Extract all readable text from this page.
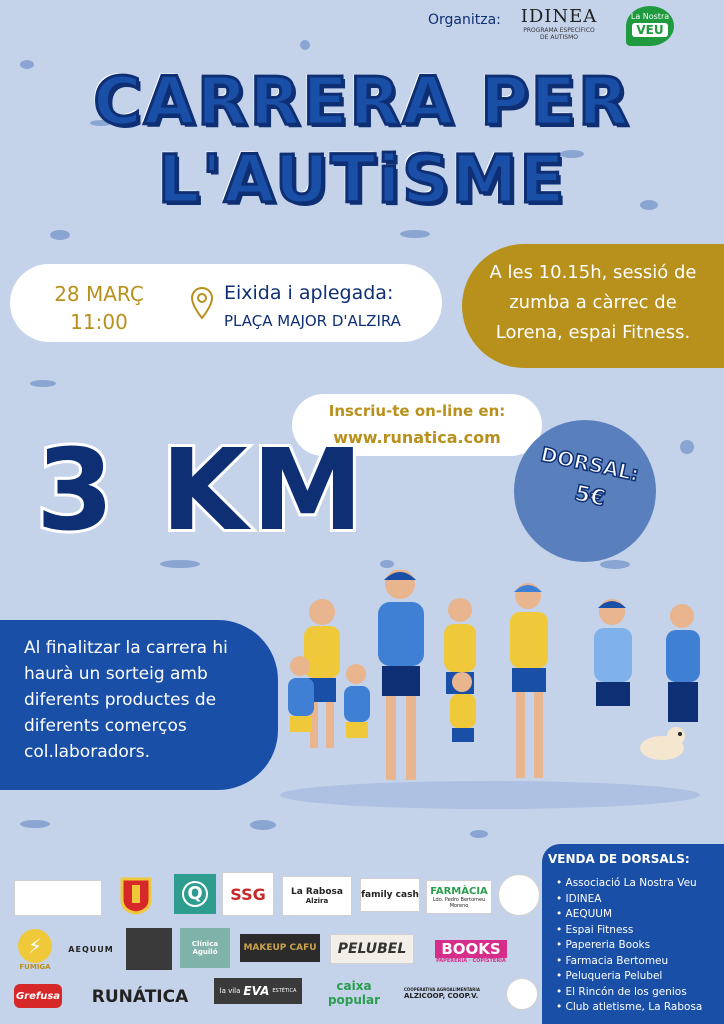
Organitza: IDINEA
PROGRAMA ESPECÍFICO DE AUTISMO
La Nostra
VEU
CARRERA PER
L'AUTiSME
28 MARÇ
11:00
Eixida i aplegada:
PLAÇA MAJOR D'ALZIRA
A les 10.15h, sessió de
zumba a càrrec de
Lorena, espai Fitness.
Inscriu-te on-line en:
www.runatica.com
3 KM	DORSAL:
5€
Al finalitzar la carrera hi
haurà un sorteig amb
diferents productes de
diferents comerços
col.laboradors.
Q	SSG	La Rabosa
Alzira
family cash FARMÀCIA
Ldo. Pedro Bertomeu Moreno
⚡
FUMIGA
AEQUUM
Clínica Aguiló	MAKEUP CAFU PELUBEL	BOOKS
PAPERERIA · COPISTERIA
Grefusa RUNÁTICA	la vila EVA ESTÈTICA	caixa popular
COOPERATIVA AGROALIMENTARIA
ALZICOOP, COOP.V.
VENDA DE DORSALS:
• Associació La Nostra Veu
• IDINEA
• AEQUUM
• Espai Fitness
• Papereria Books
• Farmacia Bertomeu
• Peluqueria Pelubel
• El Rincón de los genios
• Club atletisme, La Rabosa
